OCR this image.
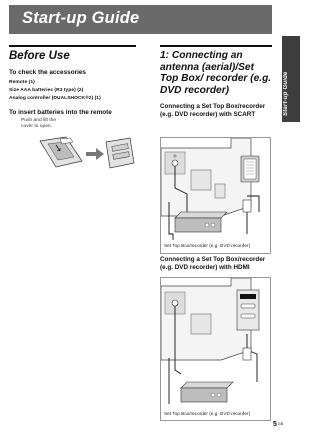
Start-up Guide
Start-up Guide
Before Use
To check the accessories
Remote (1)
Size AAA batteries (R3 type) (2)
Analog controller (DUALSHOCK®2) (1)
To insert batteries into the remote
Push and lift the cover to open.
1: Connecting an antenna (aerial)/Set Top Box/ recorder (e.g. DVD recorder)
Connecting a Set Top Box/recorder (e.g. DVD recorder) with SCART
Set Top Box/recorder (e.g. DVD recorder)
Connecting a Set Top Box/recorder (e.g. DVD recorder) with HDMI
Set Top Box/recorder (e.g. DVD recorder)
5GB
